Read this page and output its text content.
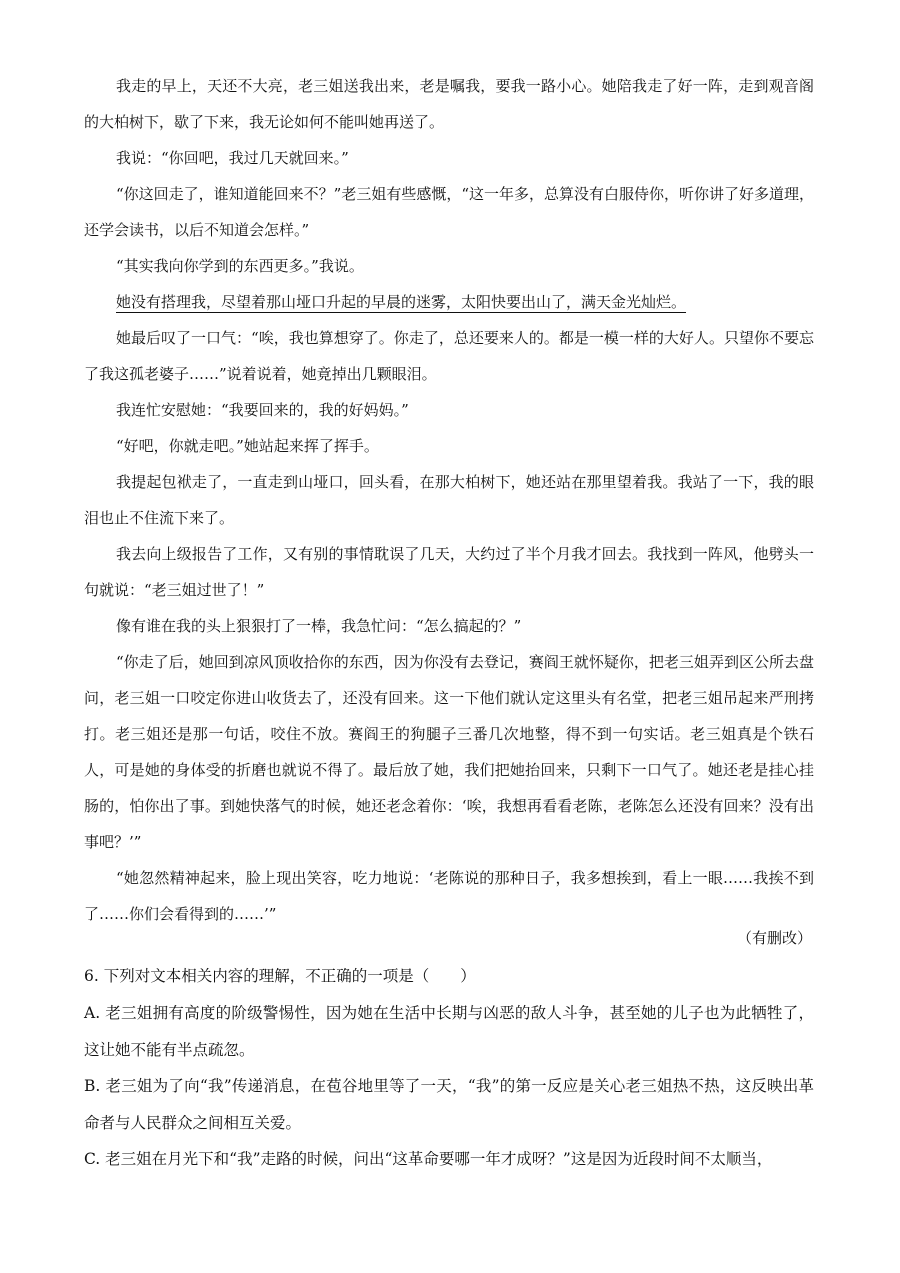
我走的早上，天还不大亮，老三姐送我出来，老是嘱我，要我一路小心。她陪我走了好一阵，走到观音阁的大柏树下，歇了下来，我无论如何不能叫她再送了。

我说：“你回吧，我过几天就回来。”

“你这回走了，谁知道能回来不？”老三姐有些感慨，“这一年多，总算没有白服侍你，听你讲了好多道理，还学会读书，以后不知道会怎样。”

“其实我向你学到的东西更多。”我说。

她没有搭理我，尽望着那山垭口升起的早晨的迷雾，太阳快要出山了，满天金光灿烂。

她最后叹了一口气：“唉，我也算想穿了。你走了，总还要来人的。都是一模一样的大好人。只望你不要忘了我这孤老婆子……”说着说着，她竟掉出几颗眼泪。

我连忙安慰她：“我要回来的，我的好妈妈。”

“好吧，你就走吧。”她站起来挥了挥手。

我提起包袱走了，一直走到山垭口，回头看，在那大柏树下，她还站在那里望着我。我站了一下，我的眼泪也止不住流下来了。

我去向上级报告了工作，又有别的事情耽误了几天，大约过了半个月我才回去。我找到一阵风，他劈头一句就说：“老三姐过世了！”

像有谁在我的头上狠狠打了一棒，我急忙问：“怎么搞起的？”

“你走了后，她回到凉风顶收拾你的东西，因为你没有去登记，赛阎王就怀疑你，把老三姐弄到区公所去盘问，老三姐一口咬定你进山收货去了，还没有回来。这一下他们就认定这里头有名堂，把老三姐吊起来严刑拷打。老三姐还是那一句话，咬住不放。赛阎王的狗腿子三番几次地整，得不到一句实话。老三姐真是个铁石人，可是她的身体受的折磨也就说不得了。最后放了她，我们把她抬回来，只剩下一口气了。她还老是挂心挂肠的，怕你出了事。到她快落气的时候，她还老念着你：‘唉，我想再看看老陈，老陈怎么还没有回来？没有出事吧？’”

“她忽然精神起来，脸上现出笑容，吃力地说：‘老陈说的那种日子，我多想挨到，看上一眼……我挨不到了……你们会看得到的……’”

（有删改）

6. 下列对文本相关内容的理解，不正确的一项是（　　）

A. 老三姐拥有高度的阶级警惕性，因为她在生活中长期与凶恶的敌人斗争，甚至她的儿子也为此牺牲了，这让她不能有半点疏忽。

B. 老三姐为了向“我”传递消息，在苞谷地里等了一天，“我”的第一反应是关心老三姐热不热，这反映出革命者与人民群众之间相互关爱。

C. 老三姐在月光下和“我”走路的时候，问出“这革命要哪一年才成呀？”这是因为近段时间不太顺当，
